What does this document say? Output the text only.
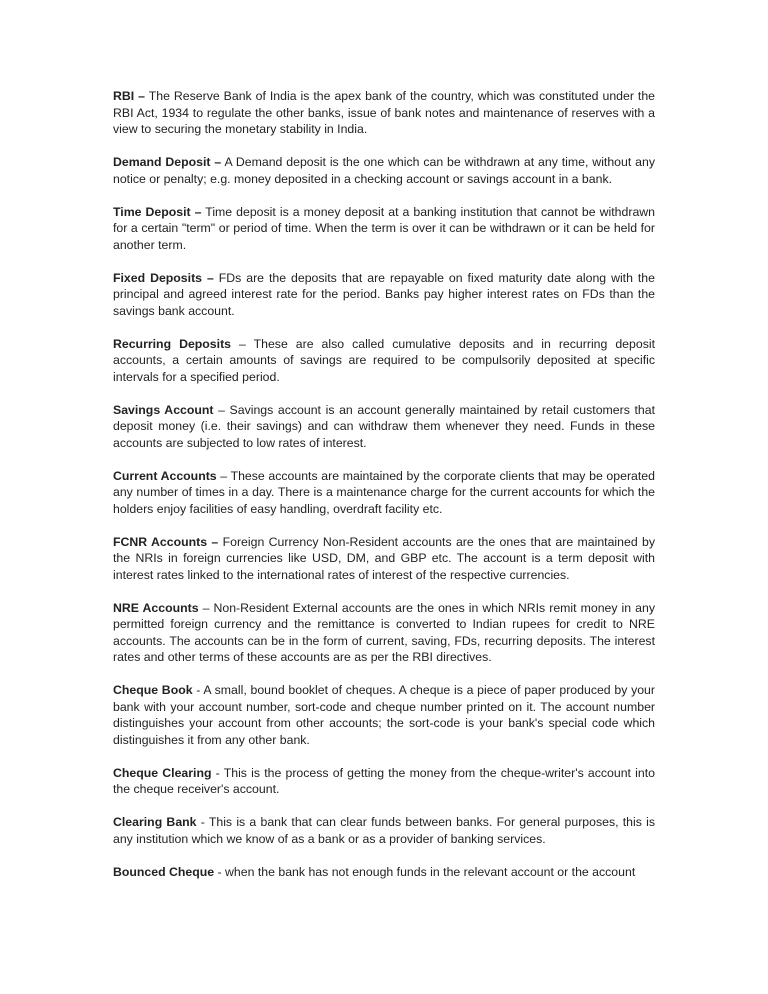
RBI – The Reserve Bank of India is the apex bank of the country, which was constituted under the RBI Act, 1934 to regulate the other banks, issue of bank notes and maintenance of reserves with a view to securing the monetary stability in India.

Demand Deposit – A Demand deposit is the one which can be withdrawn at any time, without any notice or penalty; e.g. money deposited in a checking account or savings account in a bank.

Time Deposit – Time deposit is a money deposit at a banking institution that cannot be withdrawn for a certain "term" or period of time. When the term is over it can be withdrawn or it can be held for another term.

Fixed Deposits – FDs are the deposits that are repayable on fixed maturity date along with the principal and agreed interest rate for the period. Banks pay higher interest rates on FDs than the savings bank account.

Recurring Deposits – These are also called cumulative deposits and in recurring deposit accounts, a certain amounts of savings are required to be compulsorily deposited at specific intervals for a specified period.

Savings Account – Savings account is an account generally maintained by retail customers that deposit money (i.e. their savings) and can withdraw them whenever they need. Funds in these accounts are subjected to low rates of interest.

Current Accounts – These accounts are maintained by the corporate clients that may be operated any number of times in a day. There is a maintenance charge for the current accounts for which the holders enjoy facilities of easy handling, overdraft facility etc.

FCNR Accounts – Foreign Currency Non-Resident accounts are the ones that are maintained by the NRIs in foreign currencies like USD, DM, and GBP etc. The account is a term deposit with interest rates linked to the international rates of interest of the respective currencies.

NRE Accounts – Non-Resident External accounts are the ones in which NRIs remit money in any permitted foreign currency and the remittance is converted to Indian rupees for credit to NRE accounts. The accounts can be in the form of current, saving, FDs, recurring deposits. The interest rates and other terms of these accounts are as per the RBI directives.

Cheque Book - A small, bound booklet of cheques. A cheque is a piece of paper produced by your bank with your account number, sort-code and cheque number printed on it. The account number distinguishes your account from other accounts; the sort-code is your bank's special code which distinguishes it from any other bank.

Cheque Clearing - This is the process of getting the money from the cheque-writer's account into the cheque receiver's account.

Clearing Bank - This is a bank that can clear funds between banks. For general purposes, this is any institution which we know of as a bank or as a provider of banking services.

Bounced Cheque - when the bank has not enough funds in the relevant account or the account
